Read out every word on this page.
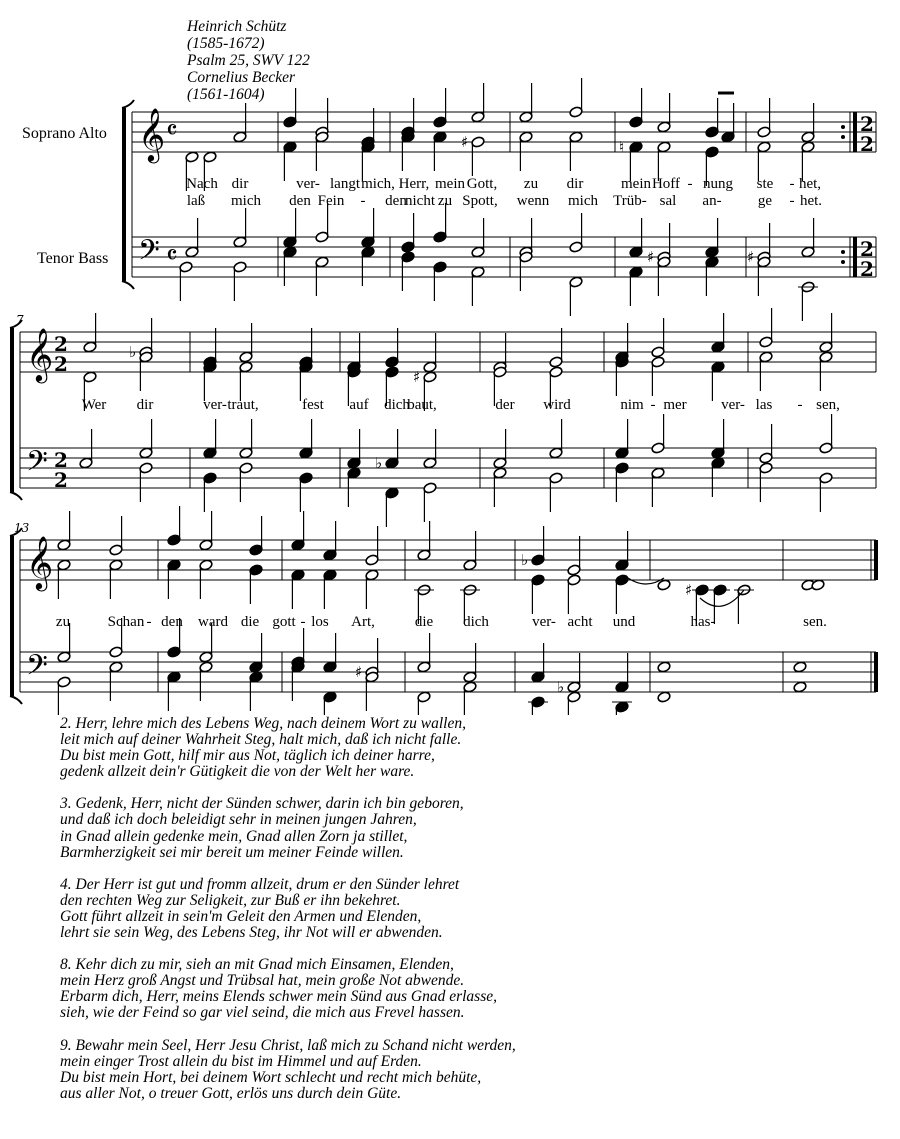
Heinrich Schütz
(1585-1672)
Psalm 25, SWV 122
Cornelius Becker
(1561-1604)
Soprano Alto
Tenor Bass
𝄞
𝄢
𝄴
𝄴
2
2
2
2
♯	♮
♯	♯
𝄞
𝄢
2
2
2
2
7
♭
♯
♭
𝄞
𝄢
13
♭
♯
♯
♭
Nach dir	ver- langt mich, Herr, mein Gott, zu dir	mein Hoff - nung ste - het,
laß mich den Fein - den
nicht zu Spott, wenn mich Trüb- sal an- ge - het.
Wer dir	ver- traut,	fest auf dich
baut,	der wird	nim - mer ver- las - sen,
zu	Schan - den ward die gott - los Art,	die dich	ver- acht und	has-	sen.
2. Herr, lehre mich des Lebens Weg, nach deinem Wort zu wallen,
leit mich auf deiner Wahrheit Steg, halt mich, daß ich nicht falle.
Du bist mein Gott, hilf mir aus Not, täglich ich deiner harre,
gedenk allzeit dein'r Gütigkeit die von der Welt her ware.
3. Gedenk, Herr, nicht der Sünden schwer, darin ich bin geboren,
und daß ich doch beleidigt sehr in meinen jungen Jahren,
in Gnad allein gedenke mein, Gnad allen Zorn ja stillet,
Barmherzigkeit sei mir bereit um meiner Feinde willen.
4. Der Herr ist gut und fromm allzeit, drum er den Sünder lehret
den rechten Weg zur Seligkeit, zur Buß er ihn bekehret.
Gott führt allzeit in sein'm Geleit den Armen und Elenden,
lehrt sie sein Weg, des Lebens Steg, ihr Not will er abwenden.
8. Kehr dich zu mir, sieh an mit Gnad mich Einsamen, Elenden,
mein Herz groß Angst und Trübsal hat, mein große Not abwende.
Erbarm dich, Herr, meins Elends schwer mein Sünd aus Gnad erlasse,
sieh, wie der Feind so gar viel seind, die mich aus Frevel hassen.
9. Bewahr mein Seel, Herr Jesu Christ, laß mich zu Schand nicht werden,
mein einger Trost allein du bist im Himmel und auf Erden.
Du bist mein Hort, bei deinem Wort schlecht und recht mich behüte,
aus aller Not, o treuer Gott, erlös uns durch dein Güte.
